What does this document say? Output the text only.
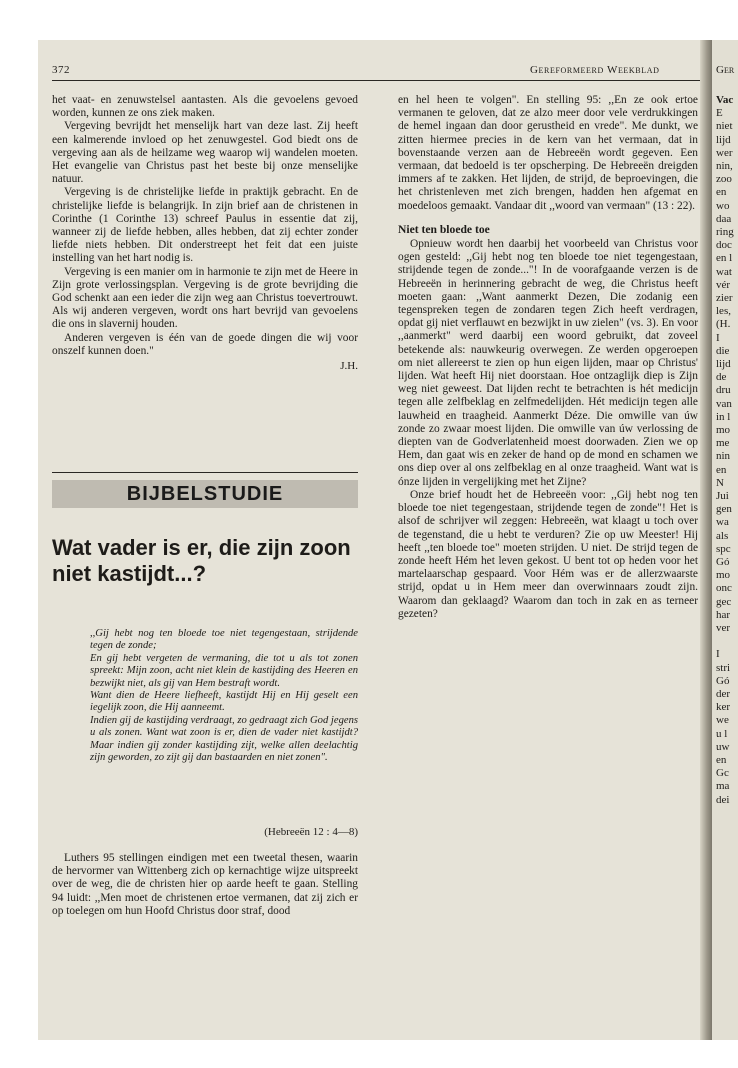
372	Gereformeerd Weekblad	Ger

het vaat- en zenuwstelsel aantasten. Als die gevoelens gevoed worden, kunnen ze ons ziek maken.

Vergeving bevrijdt het menselijk hart van deze last. Zij heeft een kalmerende invloed op het zenuwgestel. God biedt ons de vergeving aan als de heilzame weg waarop wij wandelen moeten. Het evangelie van Christus past het beste bij onze menselijke natuur.

Vergeving is de christelijke liefde in praktijk gebracht. En de christelijke liefde is belangrijk. In zijn brief aan de christenen in Corinthe (1 Corinthe 13) schreef Paulus in essentie dat zij, wanneer zij de liefde hebben, alles hebben, dat zij echter zonder liefde niets hebben. Dit onderstreept het feit dat een juiste instelling van het hart nodig is.

Vergeving is een manier om in harmonie te zijn met de Heere in Zijn grote verlossingsplan. Vergeving is de grote bevrijding die God schenkt aan een ieder die zijn weg aan Christus toevertrouwt. Als wij anderen vergeven, wordt ons hart bevrijd van gevoelens die ons in slavernij houden.

Anderen vergeven is één van de goede dingen die wij voor onszelf kunnen doen."

J.H.
BIJBELSTUDIE
Wat vader is er, die zijn zoon niet kastijdt...?

,,Gij hebt nog ten bloede toe niet tegengestaan, strijdende tegen de zonde;

En gij hebt vergeten de vermaning, die tot u als tot zonen spreekt: Mijn zoon, acht niet klein de kastijding des Heeren en bezwijkt niet, als gij van Hem bestraft wordt.

Want dien de Heere liefheeft, kastijdt Hij en Hij geselt een iegelijk zoon, die Hij aanneemt.

Indien gij de kastijding verdraagt, zo gedraagt zich God jegens u als zonen. Want wat zoon is er, dien de vader niet kastijdt? Maar indien gij zonder kastijding zijt, welke allen deelachtig zijn geworden, zo zijt gij dan bastaarden en niet zonen".

(Hebreeën 12 : 4—8)

Luthers 95 stellingen eindigen met een tweetal thesen, waarin de hervormer van Wittenberg zich op kernachtige wijze uitspreekt over de weg, die de christen hier op aarde heeft te gaan. Stelling 94 luidt: ,,Men moet de christenen ertoe vermanen, dat zij zich er op toelegen om hun Hoofd Christus door straf, dood

en hel heen te volgen". En stelling 95: ,,En ze ook ertoe vermanen te geloven, dat ze alzo meer door vele verdrukkingen de hemel ingaan dan door gerustheid en vrede". Me dunkt, we zitten hiermee precies in de kern van het vermaan, dat in bovenstaande verzen aan de Hebreeën wordt gegeven. Een vermaan, dat bedoeld is ter opscherping. De Hebreeën dreigden immers af te zakken. Het lijden, de strijd, de beproevingen, die het christenleven met zich brengen, hadden hen afgemat en moedeloos gemaakt. Vandaar dit ,,woord van vermaan" (13 : 22).

Niet ten bloede toe

Opnieuw wordt hen daarbij het voorbeeld van Christus voor ogen gesteld: ,,Gij hebt nog ten bloede toe niet tegengestaan, strijdende tegen de zonde..."! In de voorafgaande verzen is de Hebreeën in herinnering gebracht de weg, die Christus heeft moeten gaan: ,,Want aanmerkt Dezen, Die zodanig een tegenspreken tegen de zondaren tegen Zich heeft verdragen, opdat gij niet verflauwt en bezwijkt in uw zielen" (vs. 3). En voor ,,aanmerkt" werd daarbij een woord gebruikt, dat zoveel betekende als: nauwkeurig overwegen. Ze werden opgeroepen om niet allereerst te zien op hun eigen lijden, maar op Christus' lijden. Wat heeft Hij niet doorstaan. Hoe ontzaglijk diep is Zijn weg niet geweest. Dat lijden recht te betrachten is hét medicijn tegen alle zelfbeklag en zelfmedelijden. Hét medicijn tegen alle lauwheid en traagheid. Aanmerkt Déze. Die omwille van úw zonde zo zwaar moest lijden. Die omwille van úw verlossing de diepten van de Godverlatenheid moest doorwaden. Zien we op Hem, dan gaat wis en zeker de hand op de mond en schamen we ons diep over al ons zelfbeklag en al onze traagheid. Want wat is ónze lijden in vergelijking met het Zijne?

Onze brief houdt het de Hebreeën voor: ,,Gij hebt nog ten bloede toe niet tegengestaan, strijdende tegen de zonde"! Het is alsof de schrijver wil zeggen: Hebreeën, wat klaagt u toch over de tegenstand, die u hebt te verduren? Zie op uw Meester! Hij heeft ,,ten bloede toe" moeten strijden. U niet. De strijd tegen de zonde heeft Hém het leven gekost. U bent tot op heden voor het martelaarschap gespaard. Voor Hém was er de allerzwaarste strijd, opdat u in Hem meer dan overwinnaars zoudt zijn. Waarom dan geklaagd? Waarom dan toch in zak en as terneer gezeten?

Vac
E
niet
lijd
wer
nin,
zoo
en
wo
daa
ring
doc
en l
wat
vér
zier
les,
(H.
I
die
lijd
de
dru
van
in l
mo
me
nin
en
N
Jui
gen
wa
als
spc
Gó
mo
onc
gec
har
ver
I
stri
Gó
der
ker
we
u l
uw
en
Gc
ma
dei
